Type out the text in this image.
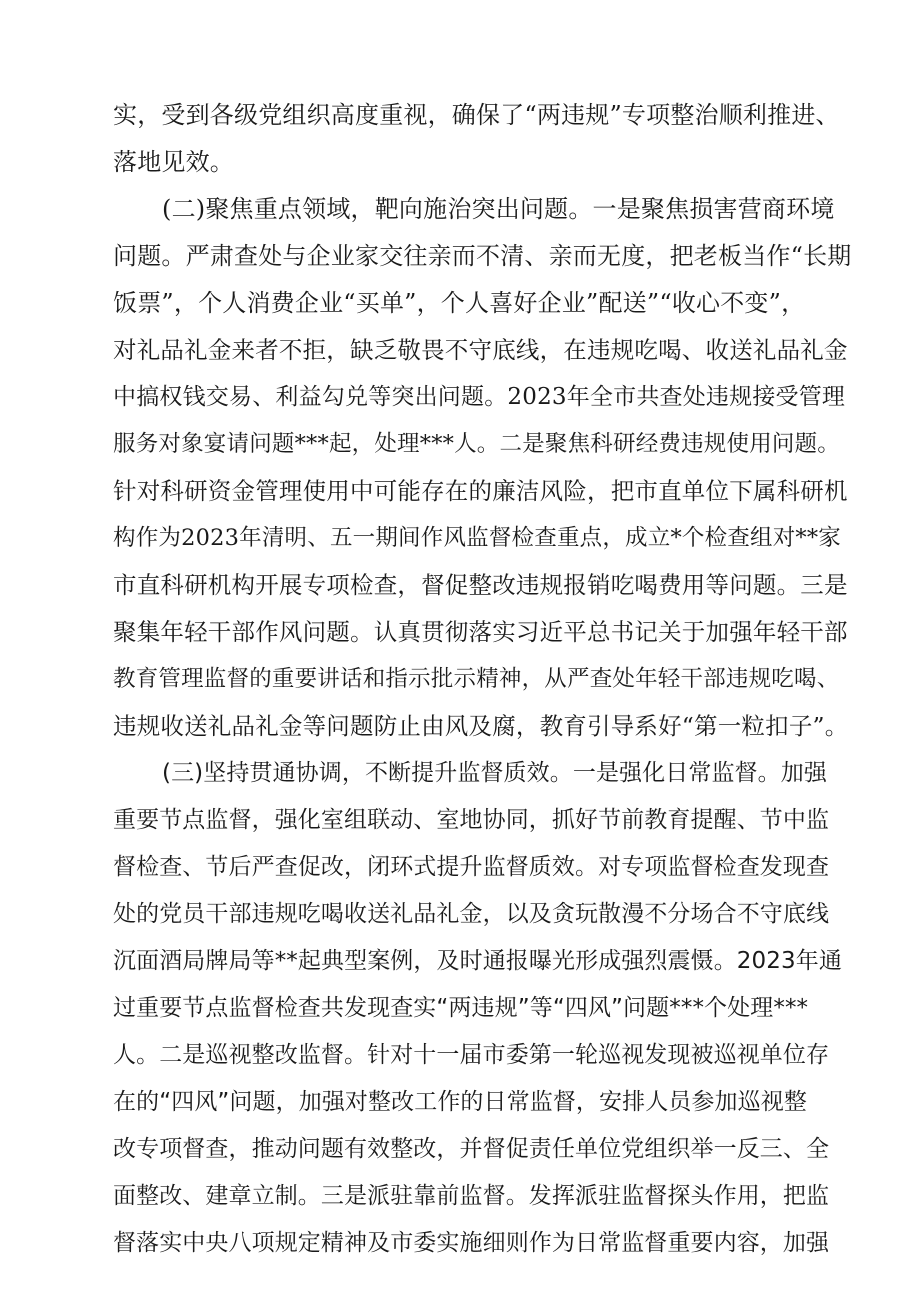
实，受到各级党组织高度重视，确保了“两违规”专项整治顺利推进、

落地见效。

(二)聚焦重点领域，靶向施治突出问题。一是聚焦损害营商环境

问题。严肃查处与企业家交往亲而不清、亲而无度，把老板当作“长期

饭票”，个人消费企业“买单”，个人喜好企业”配送”“收心不变”，

对礼品礼金来者不拒，缺乏敬畏不守底线，在违规吃喝、收送礼品礼金

中搞权钱交易、利益勾兑等突出问题。2023年全市共查处违规接受管理

服务对象宴请问题***起，处理***人。二是聚焦科研经费违规使用问题。

针对科研资金管理使用中可能存在的廉洁风险，把市直单位下属科研机

构作为2023年清明、五一期间作风监督检查重点，成立*个检查组对**家

市直科研机构开展专项检查，督促整改违规报销吃喝费用等问题。三是

聚集年轻干部作风问题。认真贯彻落实习近平总书记关于加强年轻干部

教育管理监督的重要讲话和指示批示精神，从严查处年轻干部违规吃喝、

违规收送礼品礼金等问题防止由风及腐，教育引导系好“第一粒扣子”。

(三)坚持贯通协调，不断提升监督质效。一是强化日常监督。加强

重要节点监督，强化室组联动、室地协同，抓好节前教育提醒、节中监

督检查、节后严查促改，闭环式提升监督质效。对专项监督检查发现查

处的党员干部违规吃喝收送礼品礼金，以及贪玩散漫不分场合不守底线

沉面酒局牌局等**起典型案例，及时通报曝光形成强烈震慑。2023年通

过重要节点监督检查共发现查实“两违规”等“四风”问题***个处理***

人。二是巡视整改监督。针对十一届市委第一轮巡视发现被巡视单位存

在的“四风”问题，加强对整改工作的日常监督，安排人员参加巡视整

改专项督查，推动问题有效整改，并督促责任单位党组织举一反三、全

面整改、建章立制。三是派驻靠前监督。发挥派驻监督探头作用，把监

督落实中央八项规定精神及市委实施细则作为日常监督重要内容，加强
